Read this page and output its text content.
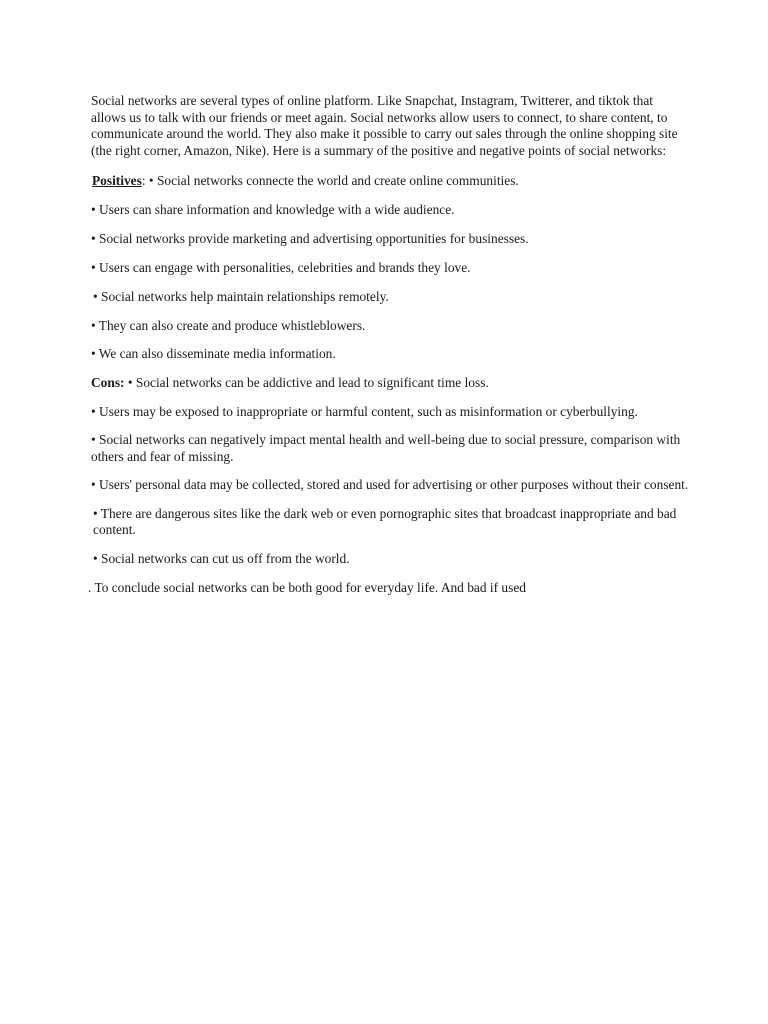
Social networks are several types of online platform. Like Snapchat, Instagram, Twitterer, and tiktok that allows us to talk with our friends or meet again. Social networks allow users to connect, to share content, to communicate around the world. They also make it possible to carry out sales through the online shopping site (the right corner, Amazon, Nike). Here is a summary of the positive and negative points of social networks:

Positives: • Social networks connecte the world and create online communities.

• Users can share information and knowledge with a wide audience.

• Social networks provide marketing and advertising opportunities for businesses.

• Users can engage with personalities, celebrities and brands they love.

• Social networks help maintain relationships remotely.

• They can also create and produce whistleblowers.

• We can also disseminate media information.

Cons: • Social networks can be addictive and lead to significant time loss.

• Users may be exposed to inappropriate or harmful content, such as misinformation or cyberbullying.

• Social networks can negatively impact mental health and well-being due to social pressure, comparison with others and fear of missing.

• Users' personal data may be collected, stored and used for advertising or other purposes without their consent.

• There are dangerous sites like the dark web or even pornographic sites that broadcast inappropriate and bad content.

• Social networks can cut us off from the world.

. To conclude social networks can be both good for everyday life. And bad if used
